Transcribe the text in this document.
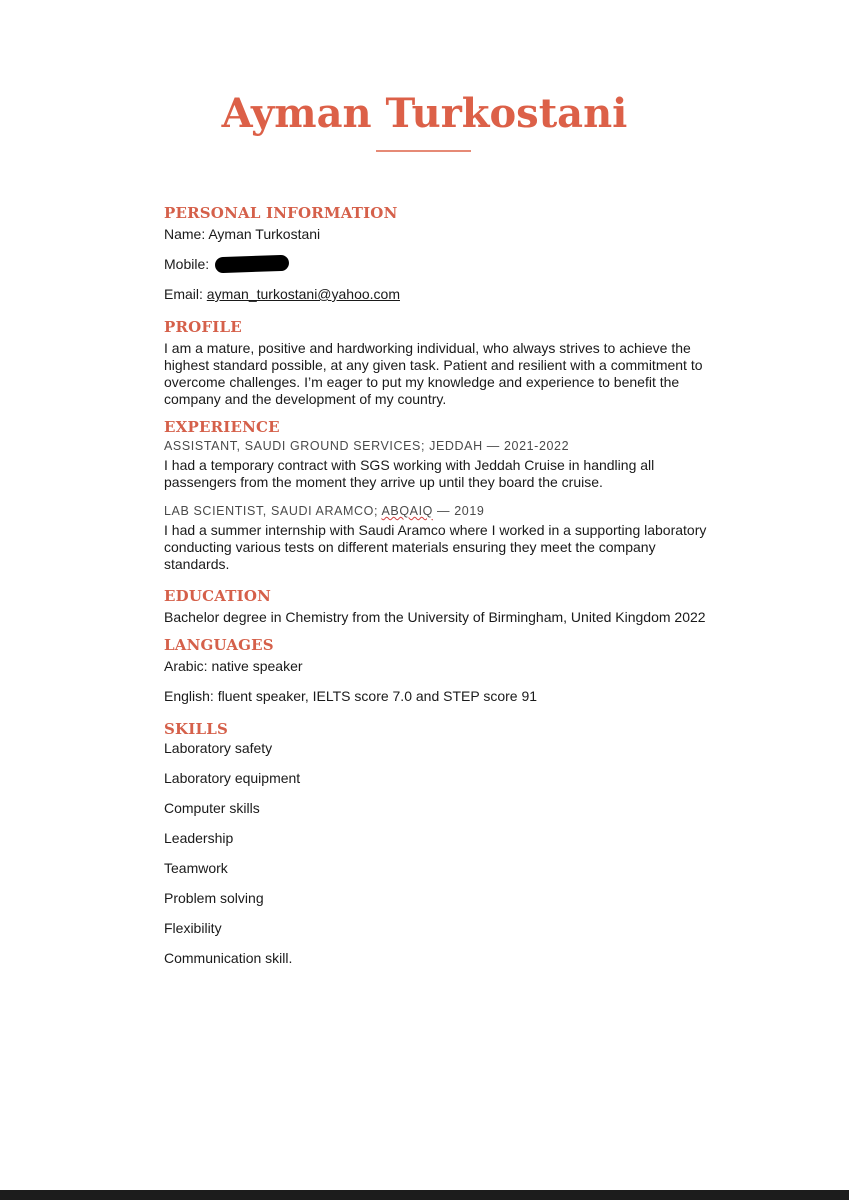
Ayman Turkostani
PERSONAL INFORMATION

Name: Ayman Turkostani

Mobile:

Email: ayman_turkostani@yahoo.com

PROFILE

I am a mature, positive and hardworking individual, who always strives to achieve the highest standard possible, at any given task. Patient and resilient with a commitment to overcome challenges. I’m eager to put my knowledge and experience to benefit the company and the development of my country.

EXPERIENCE

ASSISTANT, SAUDI GROUND SERVICES; JEDDAH — 2021-2022

I had a temporary contract with SGS working with Jeddah Cruise in handling all passengers from the moment they arrive up until they board the cruise.

LAB SCIENTIST, SAUDI ARAMCO; ABQAIQ — 2019

I had a summer internship with Saudi Aramco where I worked in a supporting laboratory conducting various tests on different materials ensuring they meet the company standards.

EDUCATION

Bachelor degree in Chemistry from the University of Birmingham, United Kingdom 2022

LANGUAGES

Arabic: native speaker

English: fluent speaker, IELTS score 7.0 and STEP score 91

SKILLS

Laboratory safety

Laboratory equipment

Computer skills

Leadership

Teamwork

Problem solving

Flexibility

Communication skill.
